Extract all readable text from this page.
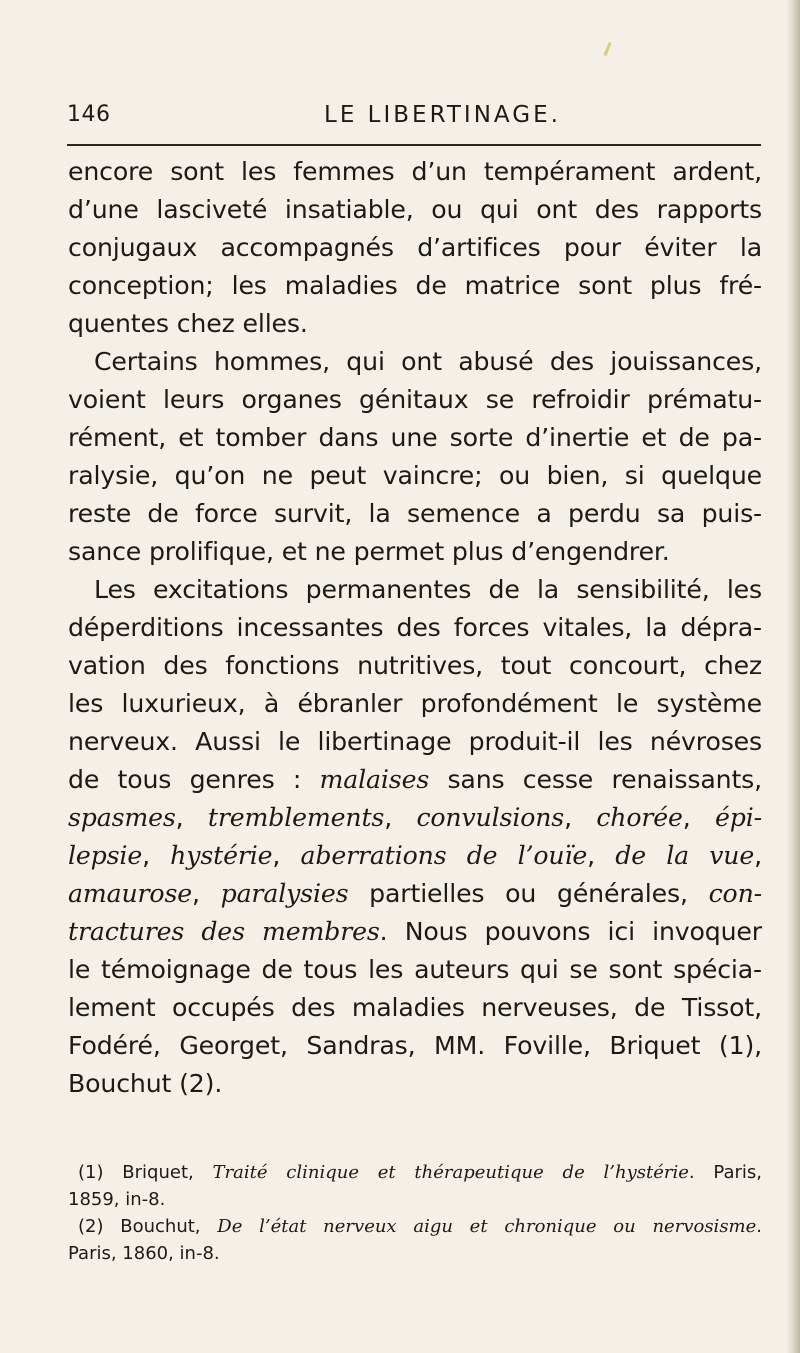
146	LE LIBERTINAGE.
encore sont les femmes d’un tempérament ardent,
d’une lasciveté insatiable, ou qui ont des rapports
conjugaux accompagnés d’artifices pour éviter la
conception; les maladies de matrice sont plus fré-
quentes chez elles.
Certains hommes, qui ont abusé des jouissances,
voient leurs organes génitaux se refroidir prématu-
rément, et tomber dans une sorte d’inertie et de pa-
ralysie, qu’on ne peut vaincre; ou bien, si quelque
reste de force survit, la semence a perdu sa puis-
sance prolifique, et ne permet plus d’engendrer.
Les excitations permanentes de la sensibilité, les
déperditions incessantes des forces vitales, la dépra-
vation des fonctions nutritives, tout concourt, chez
les luxurieux, à ébranler profondément le système
nerveux. Aussi le libertinage produit-il les névroses
de tous genres : malaises sans cesse renaissants,
spasmes, tremblements, convulsions, chorée, épi-
lepsie, hystérie, aberrations de l’ouïe, de la vue,
amaurose, paralysies partielles ou générales, con-
tractures des membres. Nous pouvons ici invoquer
le témoignage de tous les auteurs qui se sont spécia-
lement occupés des maladies nerveuses, de Tissot,
Fodéré, Georget, Sandras, MM. Foville, Briquet (1),
Bouchut (2).
(1) Briquet, Traité clinique et thérapeutique de l’hystérie. Paris,
1859, in-8.
(2) Bouchut, De l’état nerveux aigu et chronique ou nervosisme.
Paris, 1860, in-8.
